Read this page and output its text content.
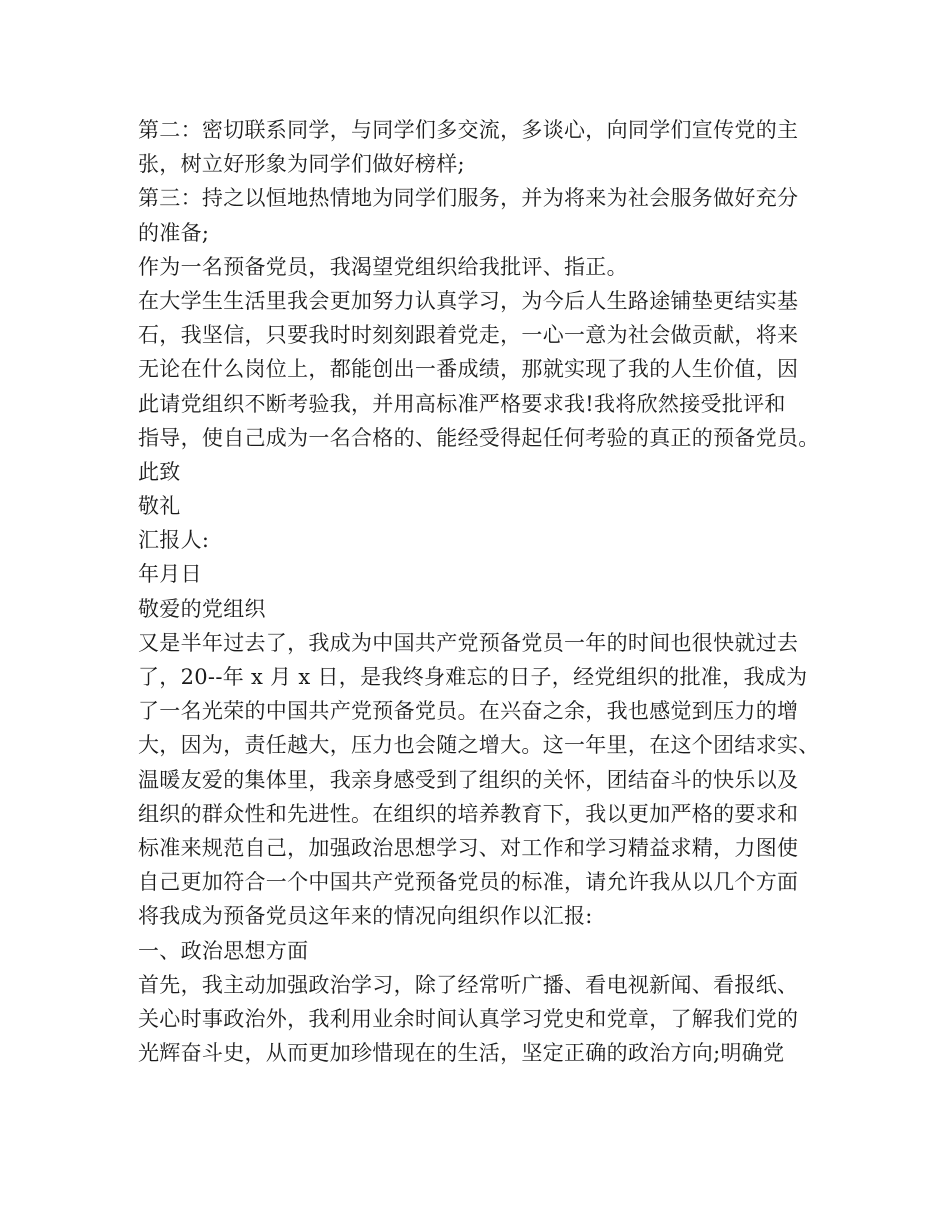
第二：密切联系同学，与同学们多交流，多谈心，向同学们宣传党的主
张，树立好形象为同学们做好榜样;
第三：持之以恒地热情地为同学们服务，并为将来为社会服务做好充分
的准备;
作为一名预备党员，我渴望党组织给我批评、指正。
在大学生生活里我会更加努力认真学习，为今后人生路途铺垫更结实基
石，我坚信，只要我时时刻刻跟着党走，一心一意为社会做贡献，将来
无论在什么岗位上，都能创出一番成绩，那就实现了我的人生价值，因
此请党组织不断考验我，并用高标准严格要求我!我将欣然接受批评和
指导，使自己成为一名合格的、能经受得起任何考验的真正的预备党员。
此致
敬礼
汇报人:
年月日
敬爱的党组织
又是半年过去了，我成为中国共产党预备党员一年的时间也很快就过去
了，20--年 x 月 x 日，是我终身难忘的日子，经党组织的批准，我成为
了一名光荣的中国共产党预备党员。在兴奋之余，我也感觉到压力的增
大，因为，责任越大，压力也会随之增大。这一年里，在这个团结求实、
温暖友爱的集体里，我亲身感受到了组织的关怀，团结奋斗的快乐以及
组织的群众性和先进性。在组织的培养教育下，我以更加严格的要求和
标准来规范自己，加强政治思想学习、对工作和学习精益求精，力图使
自己更加符合一个中国共产党预备党员的标准，请允许我从以几个方面
将我成为预备党员这年来的情况向组织作以汇报:
一、政治思想方面
首先，我主动加强政治学习，除了经常听广播、看电视新闻、看报纸、
关心时事政治外，我利用业余时间认真学习党史和党章，了解我们党的
光辉奋斗史，从而更加珍惜现在的生活，坚定正确的政治方向;明确党
